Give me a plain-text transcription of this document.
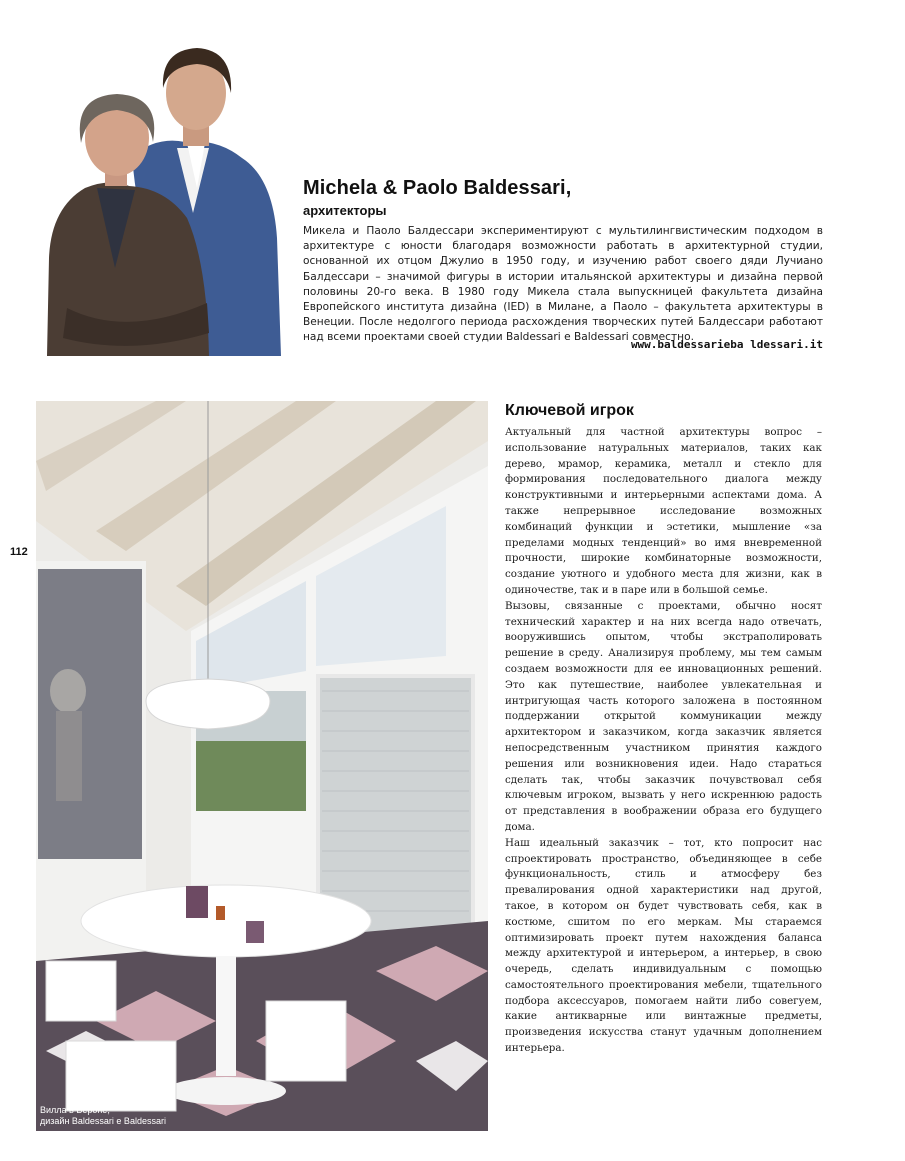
Michela & Paolo Baldessari,
архитекторы

Микела и Паоло Балдессари экспериментируют с мультилингвистическим подходом в архитектуре с юности благодаря возможности работать в архитектурной студии, основанной их отцом Джулио в 1950 году, и изучению работ своего дяди Лучиано Балдессари – значимой фигуры в истории итальянской архитектуры и дизайна первой половины 20-го века. В 1980 году Микела стала выпускницей факультета дизайна Европейского института дизайна (IED) в Милане, а Паоло – факультета архитектуры в Венеции. После недолгого периода расхождения творческих путей Балдессари работают над всеми проектами своей студии Baldessari e Baldessari совместно.

www.baldessarieba ldessari.it
112
Вилла в Вероне,
дизайн Baldessari e Baldessari
Ключевой игрок

Актуальный для частной архитектуры вопрос – использование натуральных материалов, таких как дерево, мрамор, керамика, металл и стекло для формирования последовательного диалога между конструктивными и интерьерными аспектами дома. А также непрерывное исследование возможных комбинаций функции и эстетики, мышление «за пределами модных тенденций» во имя вневременной прочности, широкие комбинаторные возможности, создание уютного и удобного места для жизни, как в одиночестве, так и в паре или в большой семье.

Вызовы, связанные с проектами, обычно носят технический характер и на них всегда надо отвечать, вооружившись опытом, чтобы экстраполировать решение в среду. Анализируя проблему, мы тем самым создаем возможности для ее инновационных решений. Это как путешествие, наиболее увлекательная и интригующая часть которого заложена в постоянном поддержании открытой коммуникации между архитектором и заказчиком, когда заказчик является непосредственным участником принятия каждого решения или возникновения идеи. Надо стараться сделать так, чтобы заказчик почувствовал себя ключевым игроком, вызвать у него искреннюю радость от представления в воображении образа его будущего дома.

Наш идеальный заказчик – тот, кто попросит нас спроектировать пространство, объединяющее в себе функциональность, стиль и атмосферу без превалирования одной характеристики над другой, такое, в котором он будет чувствовать себя, как в костюме, сшитом по его меркам. Мы стараемся оптимизировать проект путем нахождения баланса между архитектурой и интерьером, а интерьер, в свою очередь, сделать индивидуальным с помощью самостоятельного проектирования мебели, тщательного подбора аксессуаров, помогаем найти либо совегуем, какие антикварные или винтажные предметы, произведения искусства станут удачным дополнением интерьера.
